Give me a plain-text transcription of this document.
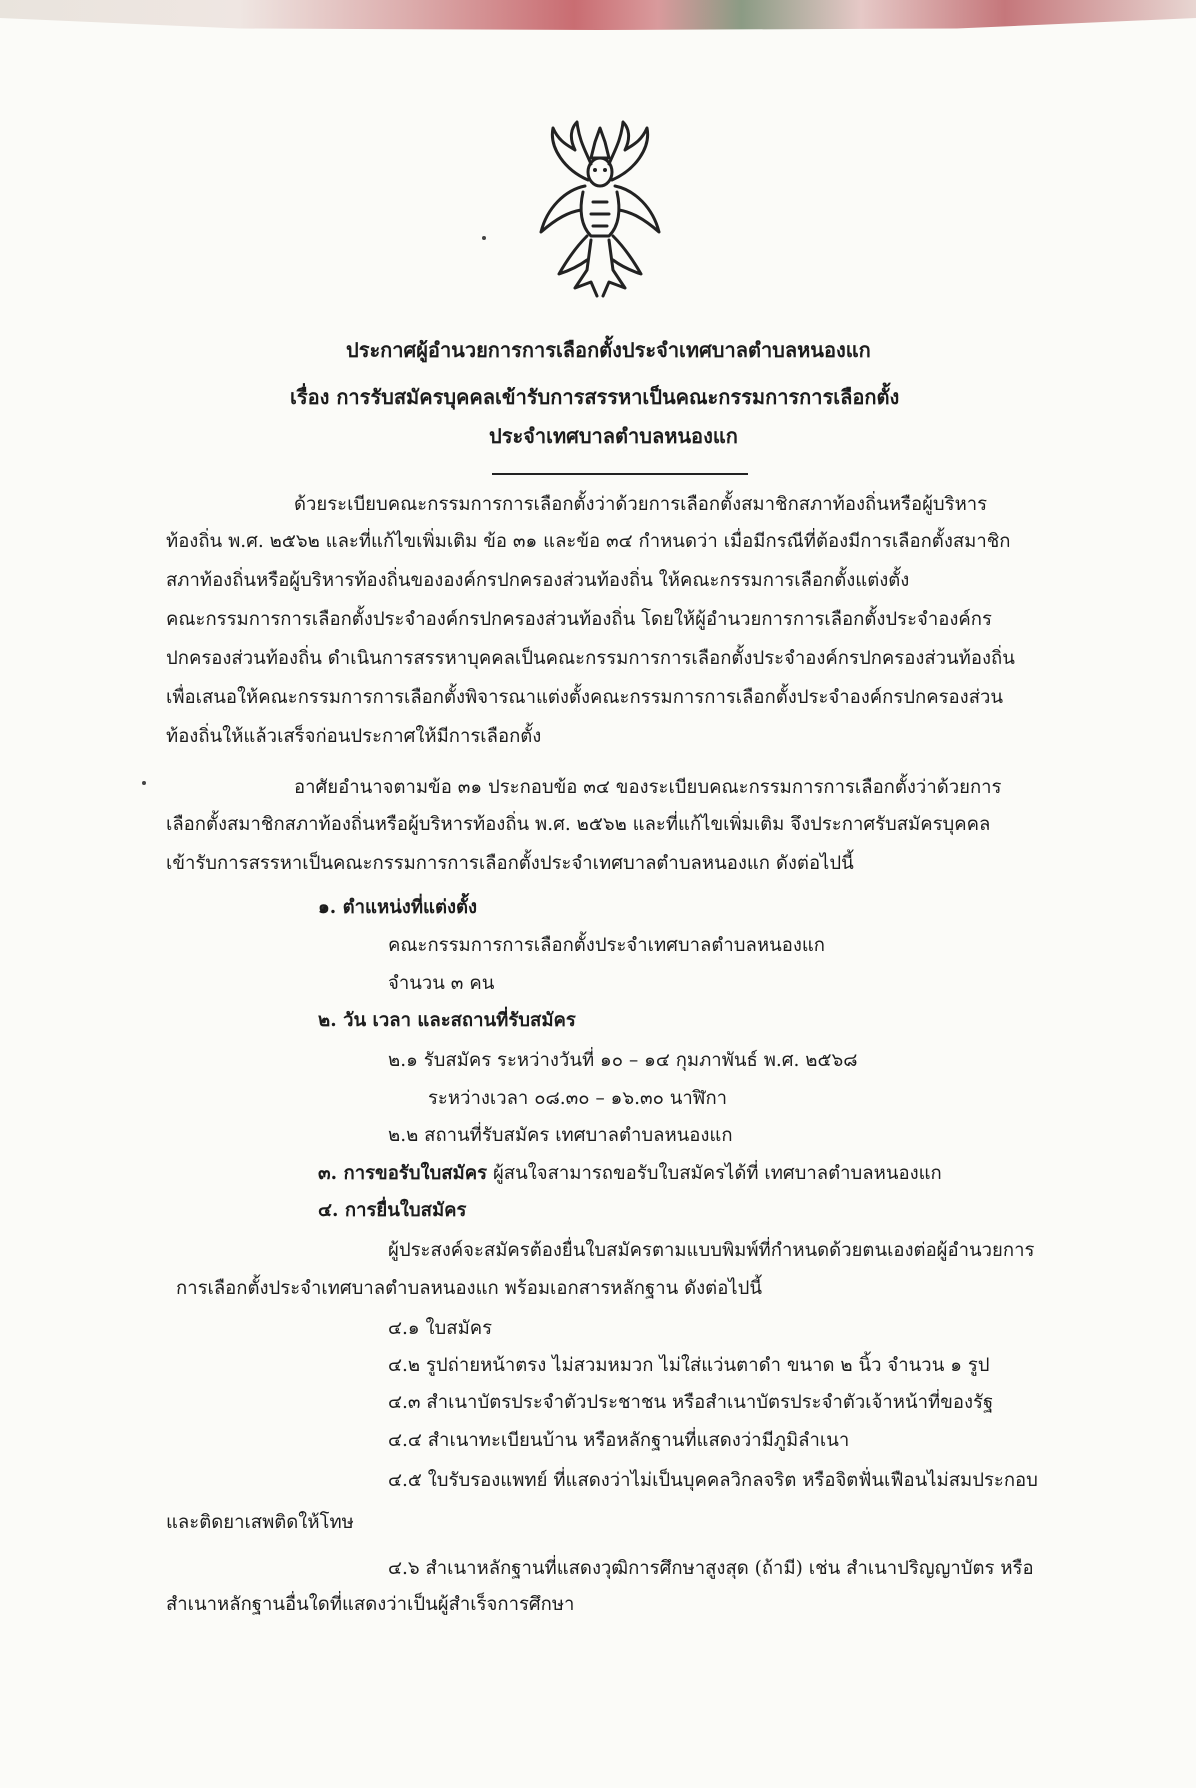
ประกาศผู้อำนวยการการเลือกตั้งประจำเทศบาลตำบลหนองแก
เรื่อง การรับสมัครบุคคลเข้ารับการสรรหาเป็นคณะกรรมการการเลือกตั้ง
ประจำเทศบาลตำบลหนองแก
ด้วยระเบียบคณะกรรมการการเลือกตั้งว่าด้วยการเลือกตั้งสมาชิกสภาท้องถิ่นหรือผู้บริหาร
ท้องถิ่น พ.ศ. ๒๕๖๒ และที่แก้ไขเพิ่มเติม ข้อ ๓๑ และข้อ ๓๔ กำหนดว่า เมื่อมีกรณีที่ต้องมีการเลือกตั้งสมาชิก
สภาท้องถิ่นหรือผู้บริหารท้องถิ่นขององค์กรปกครองส่วนท้องถิ่น ให้คณะกรรมการเลือกตั้งแต่งตั้ง
คณะกรรมการการเลือกตั้งประจำองค์กรปกครองส่วนท้องถิ่น โดยให้ผู้อำนวยการการเลือกตั้งประจำองค์กร
ปกครองส่วนท้องถิ่น ดำเนินการสรรหาบุคคลเป็นคณะกรรมการการเลือกตั้งประจำองค์กรปกครองส่วนท้องถิ่น
เพื่อเสนอให้คณะกรรมการการเลือกตั้งพิจารณาแต่งตั้งคณะกรรมการการเลือกตั้งประจำองค์กรปกครองส่วน
ท้องถิ่นให้แล้วเสร็จก่อนประกาศให้มีการเลือกตั้ง
อาศัยอำนาจตามข้อ ๓๑ ประกอบข้อ ๓๔ ของระเบียบคณะกรรมการการเลือกตั้งว่าด้วยการ
เลือกตั้งสมาชิกสภาท้องถิ่นหรือผู้บริหารท้องถิ่น พ.ศ. ๒๕๖๒ และที่แก้ไขเพิ่มเติม จึงประกาศรับสมัครบุคคล
เข้ารับการสรรหาเป็นคณะกรรมการการเลือกตั้งประจำเทศบาลตำบลหนองแก ดังต่อไปนี้
๑. ตำแหน่งที่แต่งตั้ง
คณะกรรมการการเลือกตั้งประจำเทศบาลตำบลหนองแก
จำนวน ๓ คน
๒. วัน เวลา และสถานที่รับสมัคร
๒.๑ รับสมัคร ระหว่างวันที่ ๑๐ – ๑๔ กุมภาพันธ์ พ.ศ. ๒๕๖๘
ระหว่างเวลา ๐๘.๓๐ – ๑๖.๓๐ นาฬิกา
๒.๒ สถานที่รับสมัคร เทศบาลตำบลหนองแก
๓. การขอรับใบสมัคร ผู้สนใจสามารถขอรับใบสมัครได้ที่ เทศบาลตำบลหนองแก
๔. การยื่นใบสมัคร
ผู้ประสงค์จะสมัครต้องยื่นใบสมัครตามแบบพิมพ์ที่กำหนดด้วยตนเองต่อผู้อำนวยการ
การเลือกตั้งประจำเทศบาลตำบลหนองแก พร้อมเอกสารหลักฐาน ดังต่อไปนี้
๔.๑ ใบสมัคร
๔.๒ รูปถ่ายหน้าตรง ไม่สวมหมวก ไม่ใส่แว่นตาดำ ขนาด ๒ นิ้ว จำนวน ๑ รูป
๔.๓ สำเนาบัตรประจำตัวประชาชน หรือสำเนาบัตรประจำตัวเจ้าหน้าที่ของรัฐ
๔.๔ สำเนาทะเบียนบ้าน หรือหลักฐานที่แสดงว่ามีภูมิลำเนา
๔.๕ ใบรับรองแพทย์ ที่แสดงว่าไม่เป็นบุคคลวิกลจริต หรือจิตฟั่นเฟือนไม่สมประกอบ
และติดยาเสพติดให้โทษ
๔.๖ สำเนาหลักฐานที่แสดงวุฒิการศึกษาสูงสุด (ถ้ามี) เช่น สำเนาปริญญาบัตร หรือ
สำเนาหลักฐานอื่นใดที่แสดงว่าเป็นผู้สำเร็จการศึกษา
